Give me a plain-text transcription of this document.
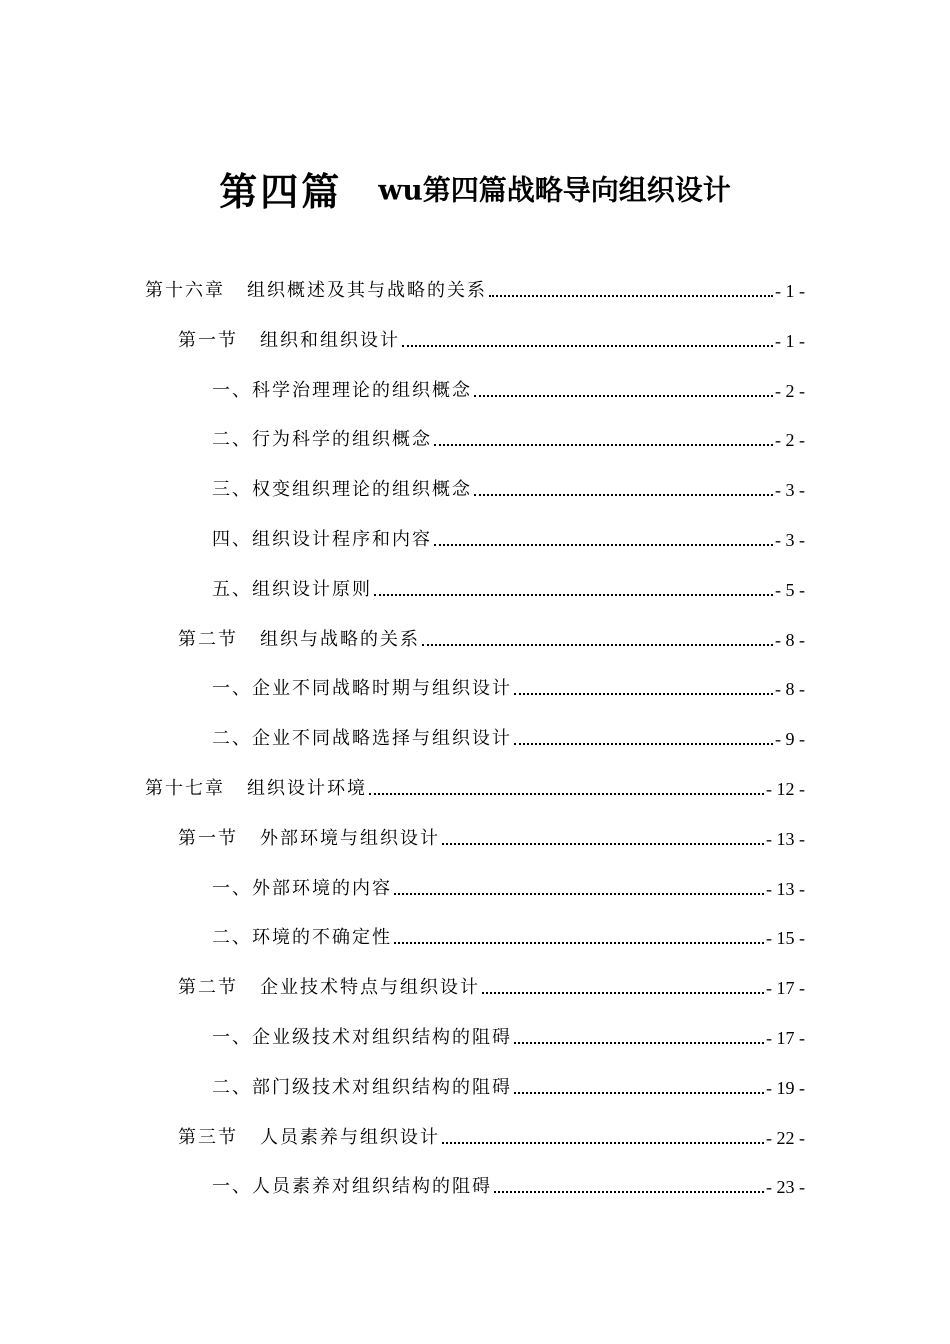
第四篇 wu第四篇战略导向组织设计
第十六章 组织概述及其与战略的关系	- 1 -
第一节 组织和组织设计	- 1 -
一、科学治理理论的组织概念	- 2 -
二、行为科学的组织概念	- 2 -
三、权变组织理论的组织概念	- 3 -
四、组织设计程序和内容	- 3 -
五、组织设计原则	- 5 -
第二节 组织与战略的关系	- 8 -
一、企业不同战略时期与组织设计	- 8 -
二、企业不同战略选择与组织设计	- 9 -
第十七章 组织设计环境	- 12 -
第一节 外部环境与组织设计	- 13 -
一、外部环境的内容	- 13 -
二、环境的不确定性	- 15 -
第二节 企业技术特点与组织设计	- 17 -
一、企业级技术对组织结构的阻碍	- 17 -
二、部门级技术对组织结构的阻碍	- 19 -
第三节 人员素养与组织设计	- 22 -
一、人员素养对组织结构的阻碍	- 23 -
